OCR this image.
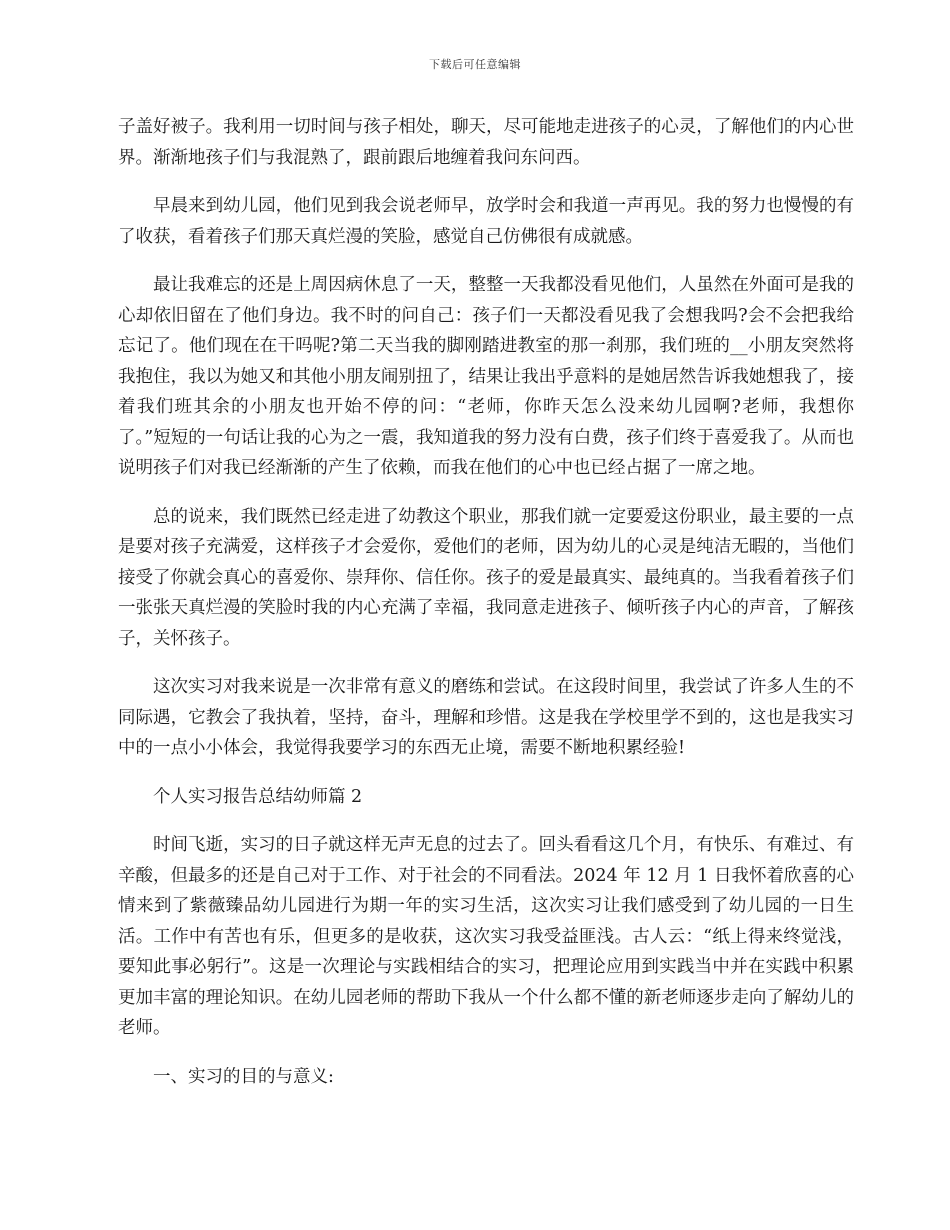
下载后可任意编辑

子盖好被子。我利用一切时间与孩子相处，聊天，尽可能地走进孩子的心灵，了解他们的内心世界。渐渐地孩子们与我混熟了，跟前跟后地缠着我问东问西。

早晨来到幼儿园，他们见到我会说老师早，放学时会和我道一声再见。我的努力也慢慢的有了收获，看着孩子们那天真烂漫的笑脸，感觉自己仿佛很有成就感。

最让我难忘的还是上周因病休息了一天，整整一天我都没看见他们，人虽然在外面可是我的心却依旧留在了他们身边。我不时的问自己：孩子们一天都没看见我了会想我吗?会不会把我给忘记了。他们现在在干吗呢?第二天当我的脚刚踏进教室的那一刹那，我们班的__小朋友突然将我抱住，我以为她又和其他小朋友闹别扭了，结果让我出乎意料的是她居然告诉我她想我了，接着我们班其余的小朋友也开始不停的问：“老师，你昨天怎么没来幼儿园啊?老师，我想你了。”短短的一句话让我的心为之一震，我知道我的努力没有白费，孩子们终于喜爱我了。从而也说明孩子们对我已经渐渐的产生了依赖，而我在他们的心中也已经占据了一席之地。

总的说来，我们既然已经走进了幼教这个职业，那我们就一定要爱这份职业，最主要的一点是要对孩子充满爱，这样孩子才会爱你，爱他们的老师，因为幼儿的心灵是纯洁无暇的，当他们接受了你就会真心的喜爱你、崇拜你、信任你。孩子的爱是最真实、最纯真的。当我看着孩子们一张张天真烂漫的笑脸时我的内心充满了幸福，我同意走进孩子、倾听孩子内心的声音，了解孩子，关怀孩子。

这次实习对我来说是一次非常有意义的磨练和尝试。在这段时间里，我尝试了许多人生的不同际遇，它教会了我执着，坚持，奋斗，理解和珍惜。这是我在学校里学不到的，这也是我实习中的一点小小体会，我觉得我要学习的东西无止境，需要不断地积累经验!

个人实习报告总结幼师篇 2

时间飞逝，实习的日子就这样无声无息的过去了。回头看看这几个月，有快乐、有难过、有辛酸，但最多的还是自己对于工作、对于社会的不同看法。2024 年 12 月 1 日我怀着欣喜的心情来到了紫薇臻品幼儿园进行为期一年的实习生活，这次实习让我们感受到了幼儿园的一日生活。工作中有苦也有乐，但更多的是收获，这次实习我受益匪浅。古人云：“纸上得来终觉浅，要知此事必躬行”。这是一次理论与实践相结合的实习，把理论应用到实践当中并在实践中积累更加丰富的理论知识。在幼儿园老师的帮助下我从一个什么都不懂的新老师逐步走向了解幼儿的老师。

一、实习的目的与意义:
